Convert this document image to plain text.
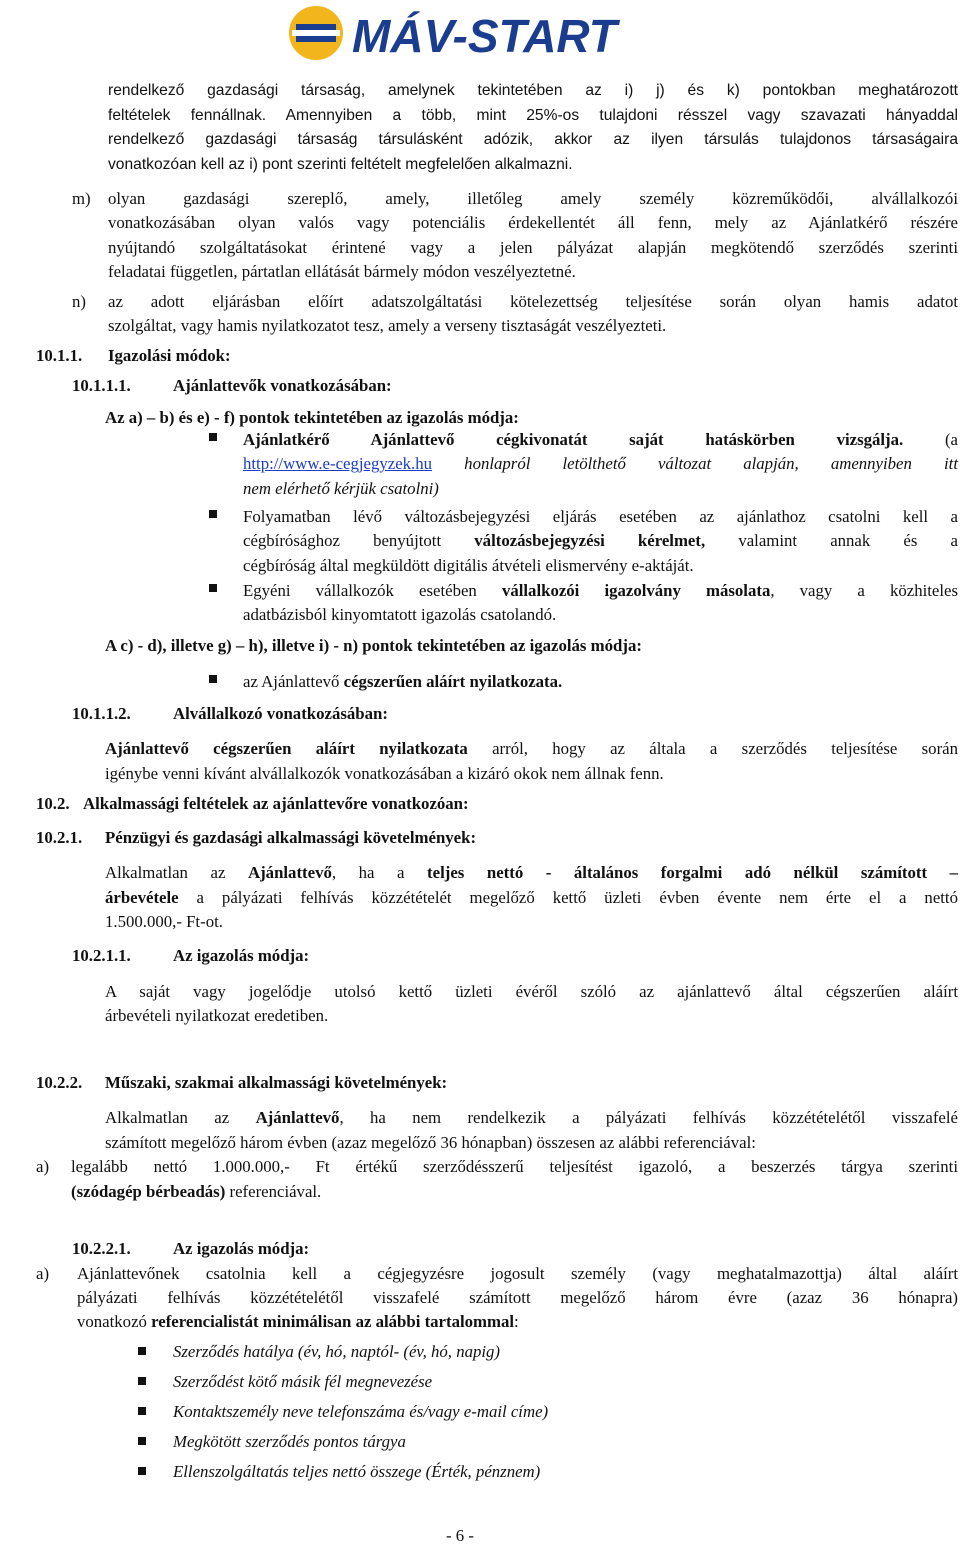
MÁV-START

rendelkező gazdasági társaság, amelynek tekintetében az i) j) és k) pontokban meghatározott

feltételek fennállnak. Amennyiben a több, mint 25%-os tulajdoni résszel vagy szavazati hányaddal

rendelkező gazdasági társaság társulásként adózik, akkor az ilyen társulás tulajdonos társaságaira

vonatkozóan kell az i) pont szerinti feltételt megfelelően alkalmazni.

m) olyan gazdasági szereplő, amely, illetőleg amely személy közreműködői, alvállalkozói

vonatkozásában olyan valós vagy potenciális érdekellentét áll fenn, mely az Ajánlatkérő részére

nyújtandó szolgáltatásokat érintené vagy a jelen pályázat alapján megkötendő szerződés szerinti

feladatai független, pártatlan ellátását bármely módon veszélyeztetné.

n) az adott eljárásban előírt adatszolgáltatási kötelezettség teljesítése során olyan hamis adatot

szolgáltat, vagy hamis nyilatkozatot tesz, amely a verseny tisztaságát veszélyezteti.

10.1.1. Igazolási módok:

10.1.1.1.	Ajánlattevők vonatkozásában:

Az a) – b) és e) - f) pontok tekintetében az igazolás módja:

Ajánlatkérő Ajánlattevő cégkivonatát saját hatáskörben vizsgálja. (a

http://www.e-cegjegyzek.hu honlapról letölthető változat alapján, amennyiben itt

nem elérhető kérjük csatolni)

Folyamatban lévő változásbejegyzési eljárás esetében az ajánlathoz csatolni kell a

cégbírósághoz benyújtott változásbejegyzési kérelmet, valamint annak és a

cégbíróság által megküldött digitális átvételi elismervény e-aktáját.

Egyéni vállalkozók esetében vállalkozói igazolvány másolata, vagy a közhiteles

adatbázisból kinyomtatott igazolás csatolandó.

A c) - d), illetve g) – h), illetve i) - n) pontok tekintetében az igazolás módja:

az Ajánlattevő cégszerűen aláírt nyilatkozata.

10.1.1.2.	Alvállalkozó vonatkozásában:

Ajánlattevő cégszerűen aláírt nyilatkozata arról, hogy az általa a szerződés teljesítése során

igénybe venni kívánt alvállalkozók vonatkozásában a kizáró okok nem állnak fenn.

10.2. Alkalmassági feltételek az ajánlattevőre vonatkozóan:

10.2.1. Pénzügyi és gazdasági alkalmassági követelmények:

Alkalmatlan az Ajánlattevő, ha a teljes nettó - általános forgalmi adó nélkül számított –

árbevétele a pályázati felhívás közzétételét megelőző kettő üzleti évben évente nem érte el a nettó

1.500.000,- Ft-ot.

10.2.1.1.	Az igazolás módja:

A saját vagy jogelődje utolsó kettő üzleti évéről szóló az ajánlattevő által cégszerűen aláírt

árbevételi nyilatkozat eredetiben.

10.2.2. Műszaki, szakmai alkalmassági követelmények:

Alkalmatlan az Ajánlattevő, ha nem rendelkezik a pályázati felhívás közzétételétől visszafelé

számított megelőző három évben (azaz megelőző 36 hónapban) összesen az alábbi referenciával:

a) legalább nettó 1.000.000,- Ft értékű szerződésszerű teljesítést igazoló, a beszerzés tárgya szerinti

(szódagép bérbeadás) referenciával.

10.2.2.1.	Az igazolás módja:

a) Ajánlattevőnek csatolnia kell a cégjegyzésre jogosult személy (vagy meghatalmazottja) által aláírt

pályázati felhívás közzétételétől visszafelé számított megelőző három évre (azaz 36 hónapra)

vonatkozó referencialistát minimálisan az alábbi tartalommal:

Szerződés hatálya (év, hó, naptól- (év, hó, napig)

Szerződést kötő másik fél megnevezése

Kontaktszemély neve telefonszáma és/vagy e-mail címe)

Megkötött szerződés pontos tárgya

Ellenszolgáltatás teljes nettó összege (Érték, pénznem)

- 6 -
